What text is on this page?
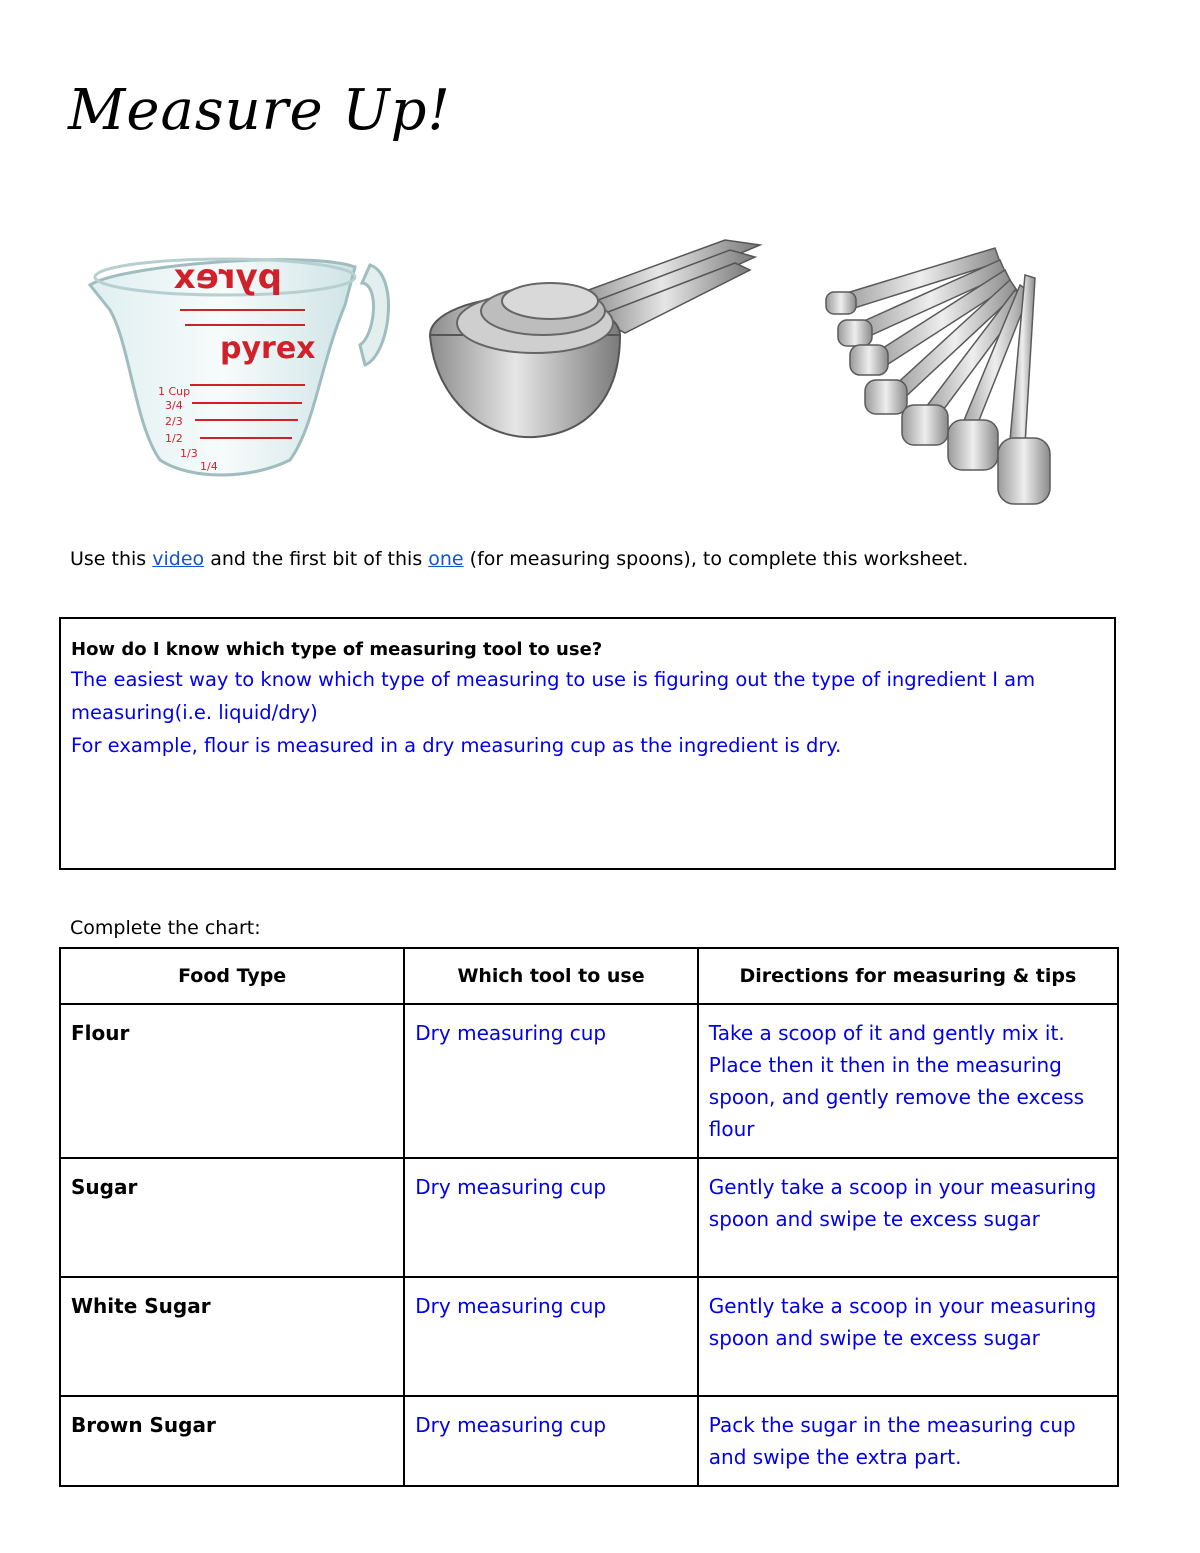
Measure Up!
pyrex
pyrex
1 Cup
3/4
2/3
1/2
1/3
1/4
Use this video and the first bit of this one (for measuring spoons), to complete this worksheet.
How do I know which type of measuring tool to use?
The easiest way to know which type of measuring to use is figuring out the type of ingredient I am measuring(i.e. liquid/dry)
For example, flour is measured in a dry measuring cup as the ingredient is dry.
Complete the chart:
Food Type	Which tool to use	Directions for measuring & tips
Flour	Dry measuring cup	Take a scoop of it and gently mix it. Place then it then in the measuring spoon, and gently remove the excess flour
Sugar	Dry measuring cup	Gently take a scoop in your measuring spoon and swipe te excess sugar
White Sugar	Dry measuring cup	Gently take a scoop in your measuring spoon and swipe te excess sugar
Brown Sugar	Dry measuring cup	Pack the sugar in the measuring cup and swipe the extra part.
